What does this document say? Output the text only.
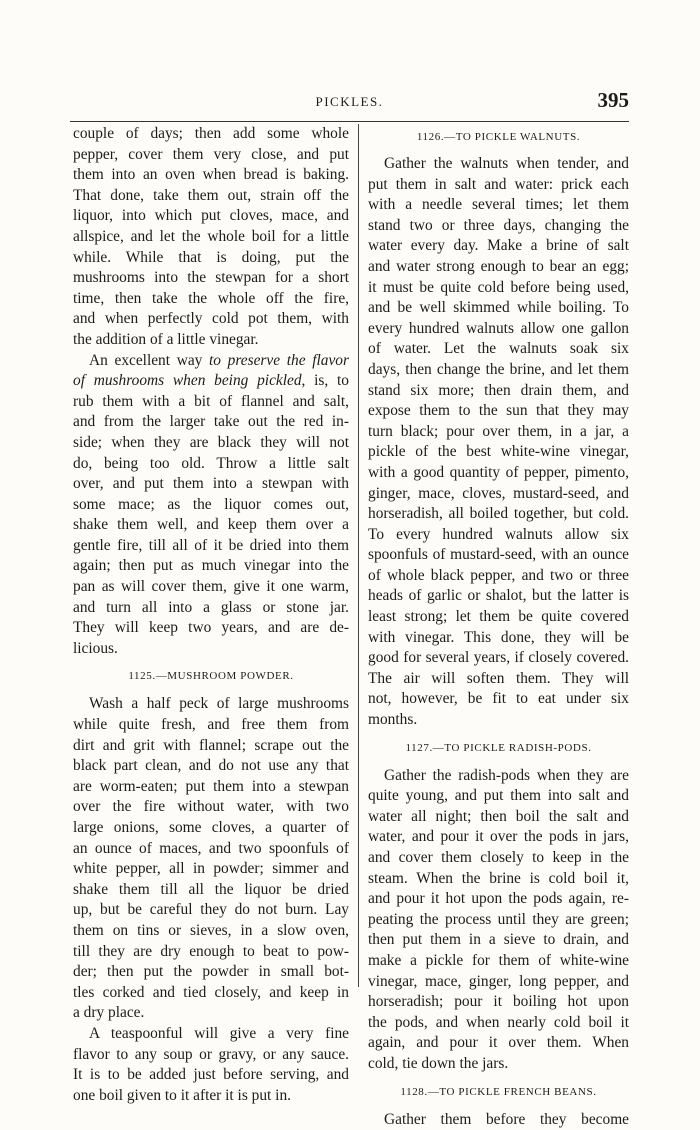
PICKLES.	395
couple of days; then add some whole
pepper, cover them very close, and put
them into an oven when bread is baking.
That done, take them out, strain off the
liquor, into which put cloves, mace, and
allspice, and let the whole boil for a little
while. While that is doing, put the
mushrooms into the stewpan for a short
time, then take the whole off the fire,
and when perfectly cold pot them, with
the addition of a little vinegar.
An excellent way to preserve the flavor
of mushrooms when being pickled, is, to
rub them with a bit of flannel and salt,
and from the larger take out the red in-
side; when they are black they will not
do, being too old. Throw a little salt
over, and put them into a stewpan with
some mace; as the liquor comes out,
shake them well, and keep them over a
gentle fire, till all of it be dried into them
again; then put as much vinegar into the
pan as will cover them, give it one warm,
and turn all into a glass or stone jar.
They will keep two years, and are de-
licious.
1125.—MUSHROOM POWDER.
Wash a half peck of large mushrooms
while quite fresh, and free them from
dirt and grit with flannel; scrape out the
black part clean, and do not use any that
are worm-eaten; put them into a stewpan
over the fire without water, with two
large onions, some cloves, a quarter of
an ounce of maces, and two spoonfuls of
white pepper, all in powder; simmer and
shake them till all the liquor be dried
up, but be careful they do not burn. Lay
them on tins or sieves, in a slow oven,
till they are dry enough to beat to pow-
der; then put the powder in small bot-
tles corked and tied closely, and keep in
a dry place.
A teaspoonful will give a very fine
flavor to any soup or gravy, or any sauce.
It is to be added just before serving, and
one boil given to it after it is put in.
1126.—TO PICKLE WALNUTS.
Gather the walnuts when tender, and
put them in salt and water: prick each
with a needle several times; let them
stand two or three days, changing the
water every day. Make a brine of salt
and water strong enough to bear an egg;
it must be quite cold before being used,
and be well skimmed while boiling. To
every hundred walnuts allow one gallon
of water. Let the walnuts soak six
days, then change the brine, and let them
stand six more; then drain them, and
expose them to the sun that they may
turn black; pour over them, in a jar, a
pickle of the best white-wine vinegar,
with a good quantity of pepper, pimento,
ginger, mace, cloves, mustard-seed, and
horseradish, all boiled together, but cold.
To every hundred walnuts allow six
spoonfuls of mustard-seed, with an ounce
of whole black pepper, and two or three
heads of garlic or shalot, but the latter is
least strong; let them be quite covered
with vinegar. This done, they will be
good for several years, if closely covered.
The air will soften them. They will
not, however, be fit to eat under six
months.
1127.—TO PICKLE RADISH-PODS.
Gather the radish-pods when they are
quite young, and put them into salt and
water all night; then boil the salt and
water, and pour it over the pods in jars,
and cover them closely to keep in the
steam. When the brine is cold boil it,
and pour it hot upon the pods again, re-
peating the process until they are green;
then put them in a sieve to drain, and
make a pickle for them of white-wine
vinegar, mace, ginger, long pepper, and
horseradish; pour it boiling hot upon
the pods, and when nearly cold boil it
again, and pour it over them. When
cold, tie down the jars.
1128.—TO PICKLE FRENCH BEANS.
Gather them before they become
